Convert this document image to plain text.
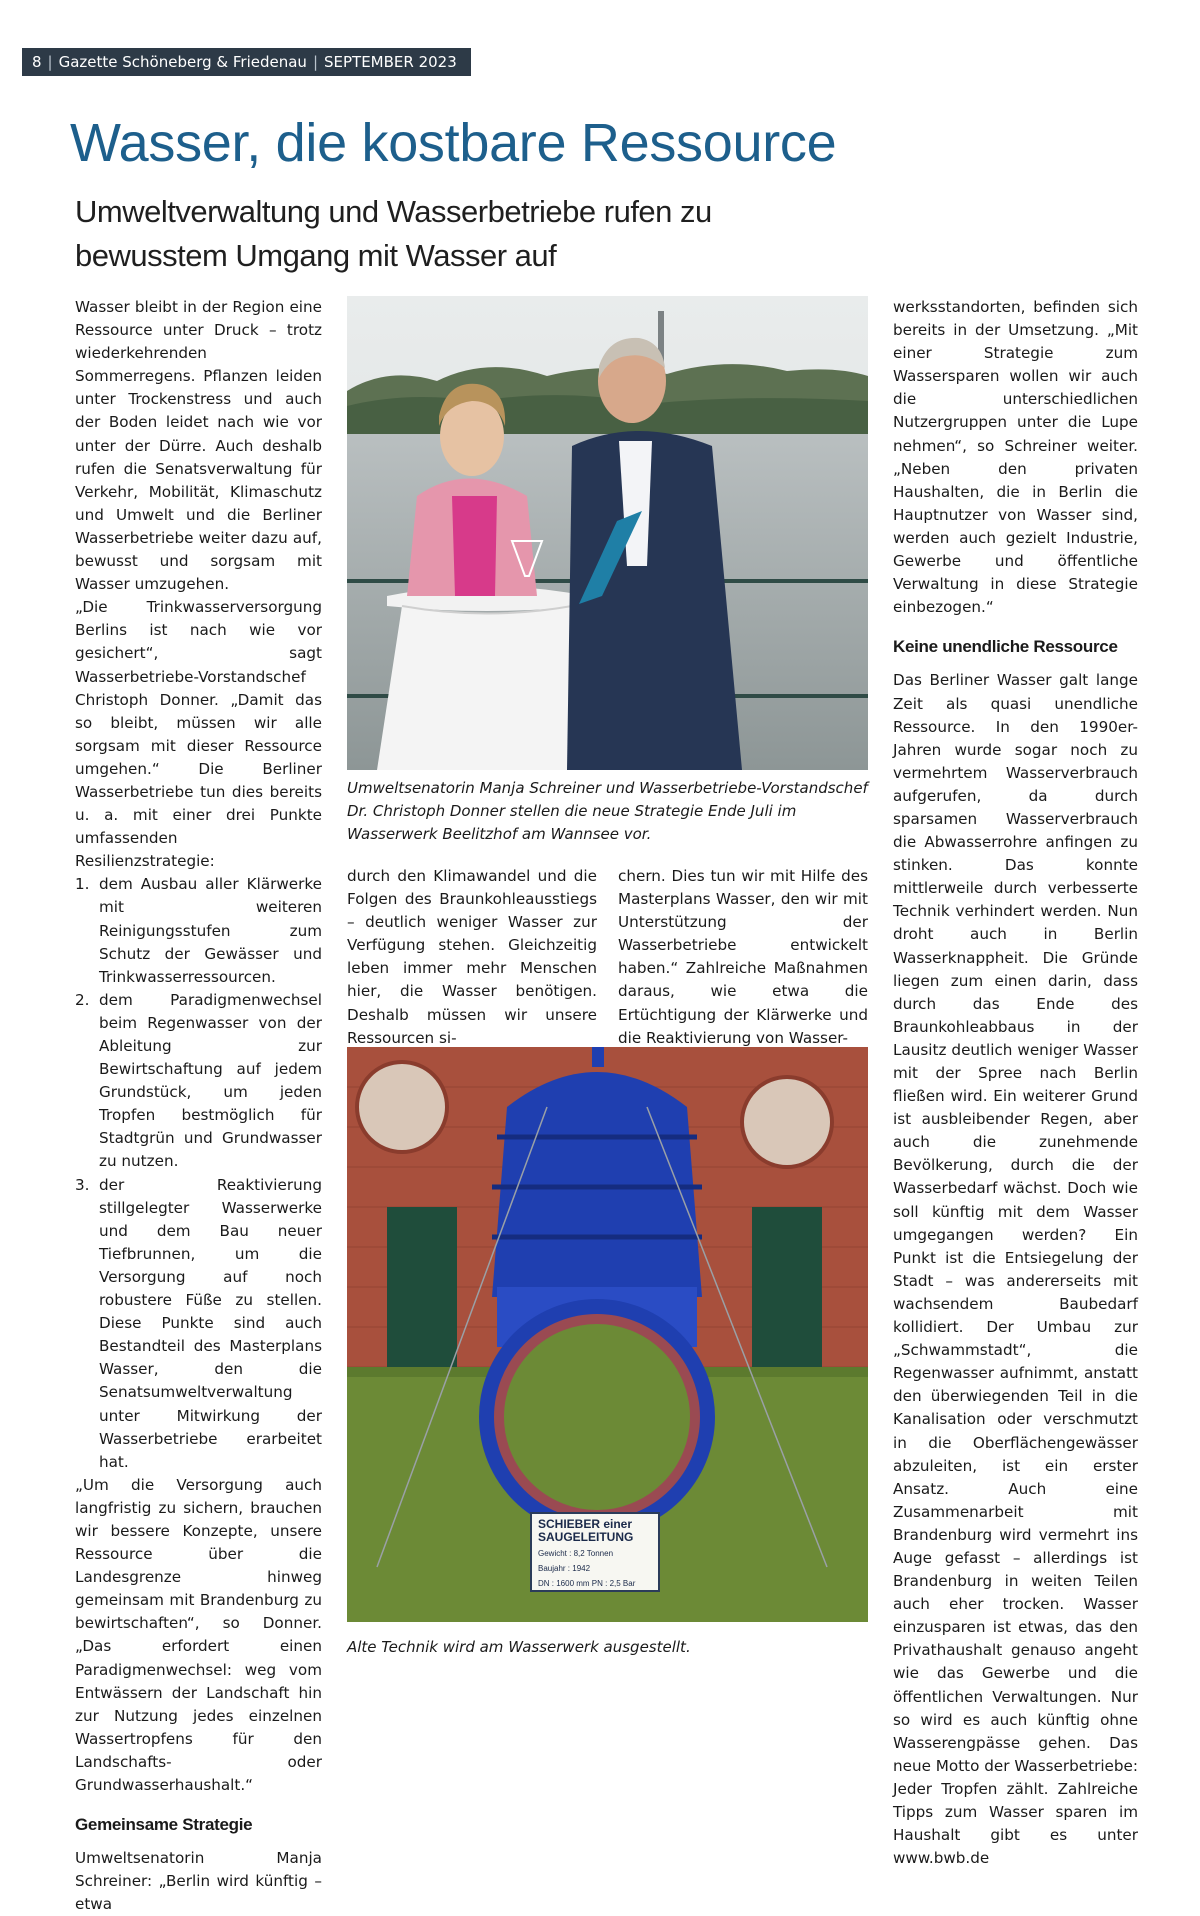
8 | Gazette Schöneberg & Friedenau | SEPTEMBER 2023
Wasser, die kostbare Ressource
Umweltverwaltung und Wasserbetriebe rufen zu bewusstem Umgang mit Wasser auf

Wasser bleibt in der Region eine Ressource unter Druck – trotz wiederkehrenden Sommerregens. Pflanzen leiden unter Trockenstress und auch der Boden leidet nach wie vor unter der Dürre. Auch deshalb rufen die Senatsverwaltung für Verkehr, Mobilität, Klimaschutz und Umwelt und die Berliner Wasserbetriebe weiter dazu auf, bewusst und sorgsam mit Wasser umzugehen.

„Die Trinkwasserversorgung Berlins ist nach wie vor gesichert“, sagt Wasserbetriebe-Vorstandschef Christoph Donner. „Damit das so bleibt, müssen wir alle sorgsam mit dieser Ressource umgehen.“ Die Berliner Wasserbetriebe tun dies bereits u. a. mit einer drei Punkte umfassenden Resilienzstrategie:

1. dem Ausbau aller Klärwerke mit weiteren Reinigungsstufen zum Schutz der Gewässer und Trinkwasserressourcen.
2. dem Paradigmenwechsel beim Regenwasser von der Ableitung zur Bewirtschaftung auf jedem Grundstück, um jeden Tropfen bestmöglich für Stadtgrün und Grundwasser zu nutzen.
3. der Reaktivierung stillgelegter Wasserwerke und dem Bau neuer Tiefbrunnen, um die Versorgung auf noch robustere Füße zu stellen. Diese Punkte sind auch Bestandteil des Masterplans Wasser, den die Senatsumweltverwaltung unter Mitwirkung der Wasserbetriebe erarbeitet hat.

„Um die Versorgung auch langfristig zu sichern, brauchen wir bessere Konzepte, unsere Ressource über die Landesgrenze hinweg gemeinsam mit Brandenburg zu bewirtschaften“, so Donner. „Das erfordert einen Paradigmenwechsel: weg vom Entwässern der Landschaft hin zur Nutzung jedes einzelnen Wassertropfens für den Landschafts- oder Grundwasserhaushalt.“

Gemeinsame Strategie

Umweltsenatorin Manja Schreiner: „Berlin wird künftig – etwa

Umweltsenatorin Manja Schreiner und Wasserbetriebe-Vorstandschef Dr. Christoph Donner stellen die neue Strategie Ende Juli im Wasserwerk Beelitzhof am Wannsee vor.

durch den Klimawandel und die Folgen des Braunkohleausstiegs – deutlich weniger Wasser zur Verfügung stehen. Gleichzeitig leben immer mehr Menschen hier, die Wasser benötigen. Deshalb müssen wir unsere Ressourcen si-

chern. Dies tun wir mit Hilfe des Masterplans Wasser, den wir mit Unterstützung der Wasserbetriebe entwickelt haben.“ Zahlreiche Maßnahmen daraus, wie etwa die Ertüchtigung der Klärwerke und die Reaktivierung von Wasser-

SCHIEBER einer
SAUGELEITUNG
Gewicht : 8,2 Tonnen
Baujahr : 1942
DN : 1600 mm PN : 2,5 Bar
Alte Technik wird am Wasserwerk ausgestellt.

werksstandorten, befinden sich bereits in der Umsetzung. „Mit einer Strategie zum Wassersparen wollen wir auch die unterschiedlichen Nutzergruppen unter die Lupe nehmen“, so Schreiner weiter. „Neben den privaten Haushalten, die in Berlin die Hauptnutzer von Wasser sind, werden auch gezielt Industrie, Gewerbe und öffentliche Verwaltung in diese Strategie einbezogen.“

Keine unendliche Ressource

Das Berliner Wasser galt lange Zeit als quasi unendliche Ressource. In den 1990er-Jahren wurde sogar noch zu vermehrtem Wasserverbrauch aufgerufen, da durch sparsamen Wasserverbrauch die Abwasserrohre anfingen zu stinken. Das konnte mittlerweile durch verbesserte Technik verhindert werden. Nun droht auch in Berlin Wasserknappheit. Die Gründe liegen zum einen darin, dass durch das Ende des Braunkohleabbaus in der Lausitz deutlich weniger Wasser mit der Spree nach Berlin fließen wird. Ein weiterer Grund ist ausbleibender Regen, aber auch die zunehmende Bevölkerung, durch die der Wasserbedarf wächst. Doch wie soll künftig mit dem Wasser umgegangen werden? Ein Punkt ist die Entsiegelung der Stadt – was andererseits mit wachsendem Baubedarf kollidiert. Der Umbau zur „Schwammstadt“, die Regenwasser aufnimmt, anstatt den überwiegenden Teil in die Kanalisation oder verschmutzt in die Oberflächengewässer abzuleiten, ist ein erster Ansatz. Auch eine Zusammenarbeit mit Brandenburg wird vermehrt ins Auge gefasst – allerdings ist Brandenburg in weiten Teilen auch eher trocken. Wasser einzusparen ist etwas, das den Privathaushalt genauso angeht wie das Gewerbe und die öffentlichen Verwaltungen. Nur so wird es auch künftig ohne Wasserengpässe gehen. Das neue Motto der Wasserbetriebe: Jeder Tropfen zählt. Zahlreiche Tipps zum Wasser sparen im Haushalt gibt es unter www.bwb.de
